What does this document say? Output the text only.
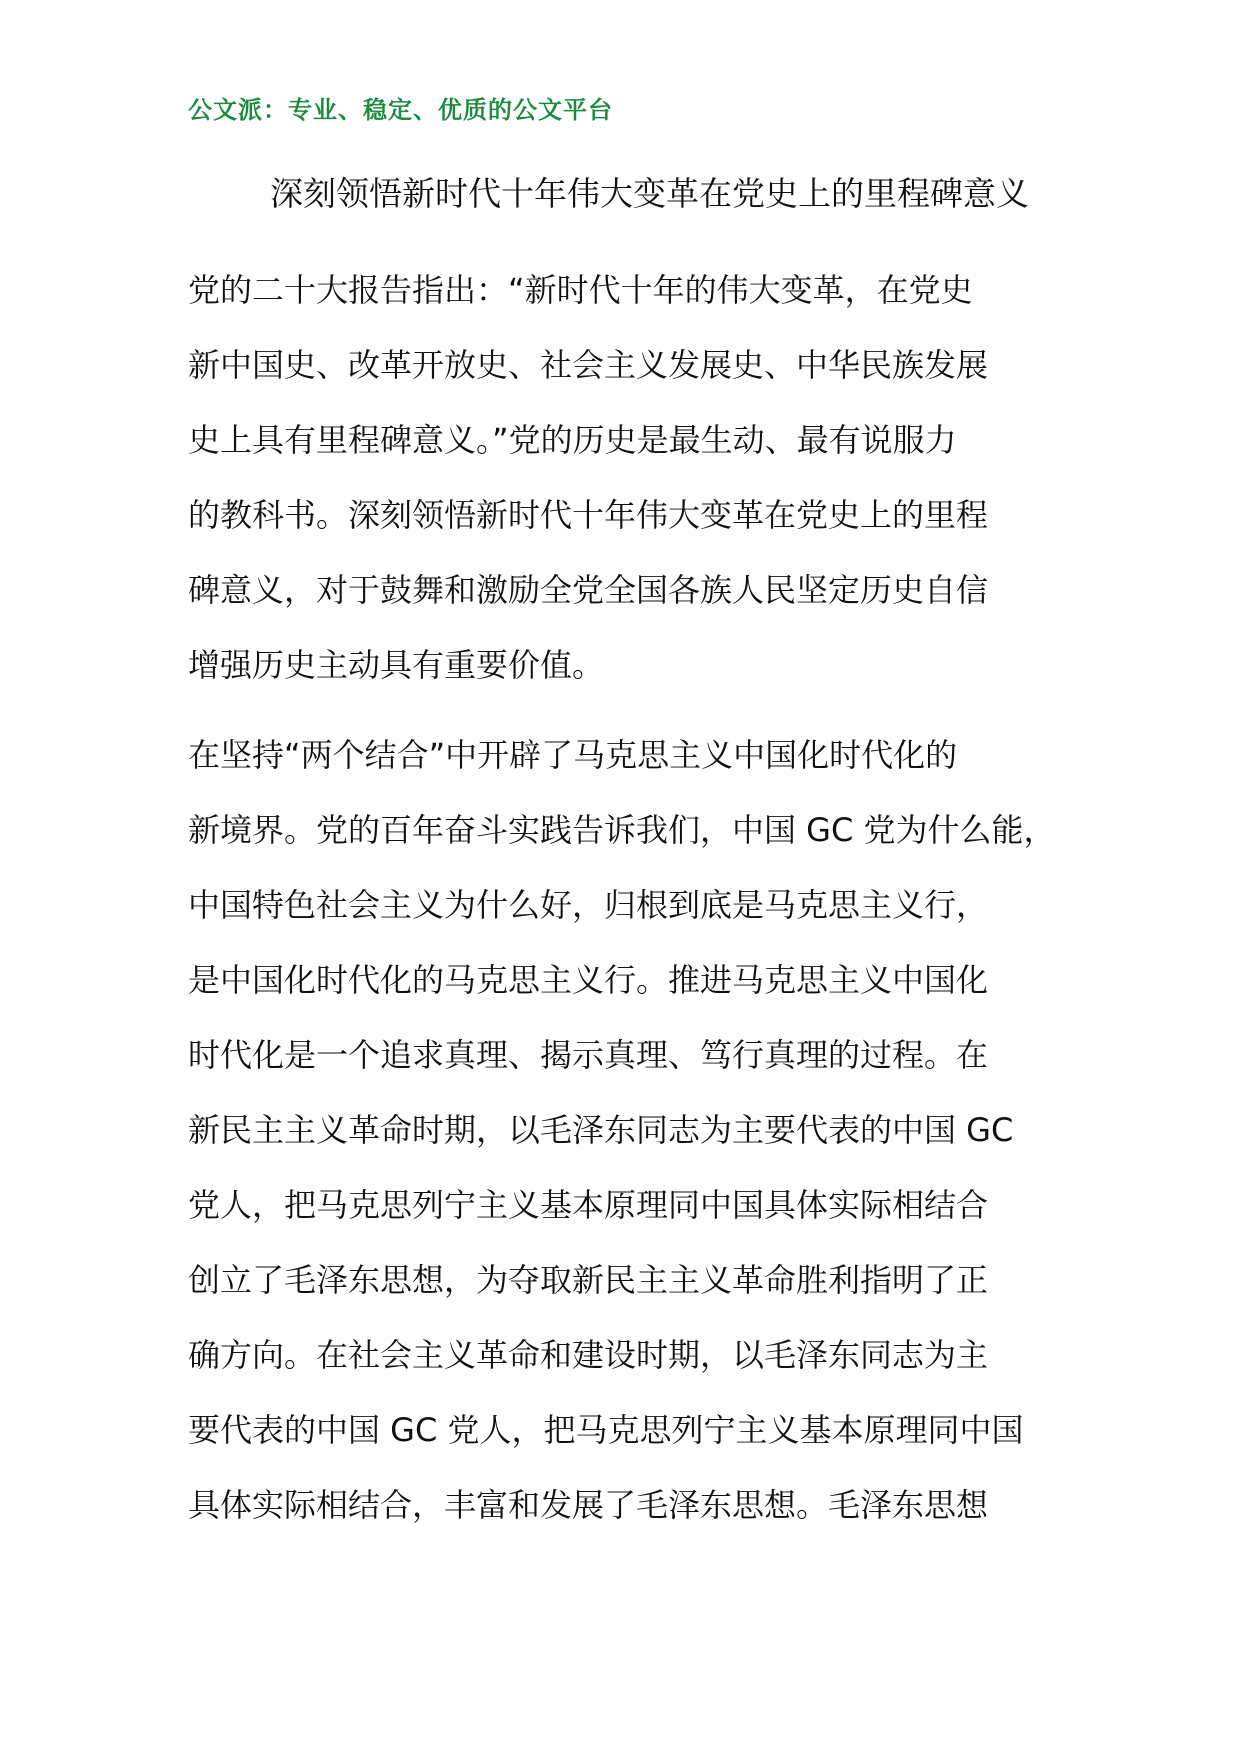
公文派：专业、稳定、优质的公文平台
深刻领悟新时代十年伟大变革在党史上的里程碑意义
党的二十大报告指出：“新时代十年的伟大变革，在党史
新中国史、改革开放史、社会主义发展史、中华民族发展
史上具有里程碑意义。”党的历史是最生动、最有说服力
的教科书。深刻领悟新时代十年伟大变革在党史上的里程
碑意义，对于鼓舞和激励全党全国各族人民坚定历史自信
增强历史主动具有重要价值。
在坚持“两个结合”中开辟了马克思主义中国化时代化的
新境界。党的百年奋斗实践告诉我们，中国 GC 党为什么能，
中国特色社会主义为什么好，归根到底是马克思主义行，
是中国化时代化的马克思主义行。推进马克思主义中国化
时代化是一个追求真理、揭示真理、笃行真理的过程。在
新民主主义革命时期，以毛泽东同志为主要代表的中国 GC
党人，把马克思列宁主义基本原理同中国具体实际相结合
创立了毛泽东思想，为夺取新民主主义革命胜利指明了正
确方向。在社会主义革命和建设时期，以毛泽东同志为主
要代表的中国 GC 党人，把马克思列宁主义基本原理同中国
具体实际相结合，丰富和发展了毛泽东思想。毛泽东思想
